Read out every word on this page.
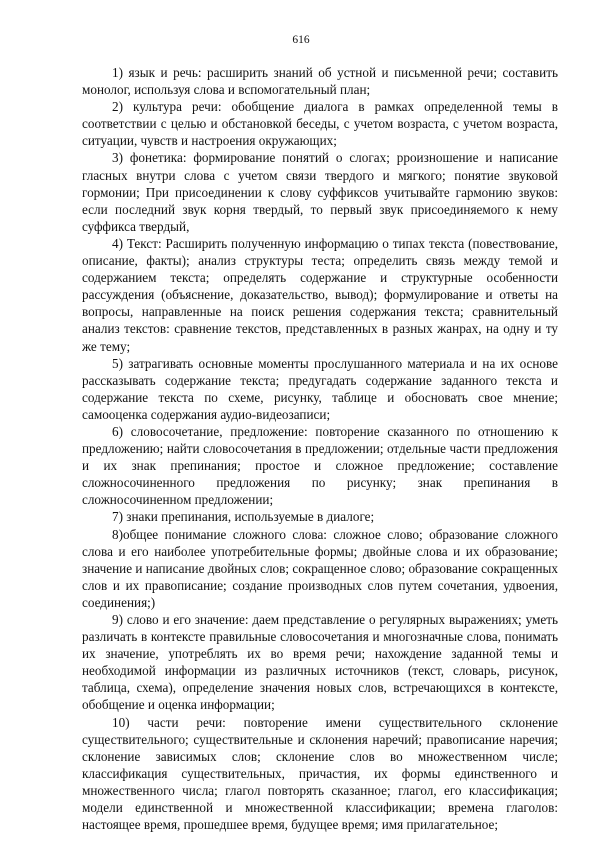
616

1) язык и речь: расширить знаний об устной и письменной речи; составить монолог, используя слова и вспомогательный план;

2) культура речи: обобщение диалога в рамках определенной темы в соответствии с целью и обстановкой беседы, с учетом возраста, с учетом возраста, ситуации, чувств и настроения окружающих;

3) фонетика: формирование понятий о слогах; рроизношение и написание гласных внутри слова с учетом связи твердого и мягкого; понятие звуковой гормонии; При присоединении к слову суффиксов учитывайте гармонию звуков: если последний звук корня твердый, то первый звук присоединяемого к нему суффикса твердый,

4) Текст: Расширить полученную информацию о типах текста (повествование, описание, факты); анализ структуры теста; определить связь между темой и содержанием текста; определять содержание и структурные особенности рассуждения (объяснение, доказательство, вывод); формулирование и ответы на вопросы, направленные на поиск решения содержания текста; сравнительный анализ текстов: сравнение текстов, представленных в разных жанрах, на одну и ту же тему;

5) затрагивать основные моменты прослушанного материала и на их основе рассказывать содержание текста; предугадать содержание заданного текста и содержание текста по схеме, рисунку, таблице и обосновать свое мнение; самооценка содержания аудио-видеозаписи;

6) словосочетание, предложение: повторение сказанного по отношению к предложению; найти словосочетания в предложении; отдельные части предложения и их знак препинания; простое и сложное предложение; составление сложносочиненного предложения по рисунку; знак препинания в сложносочиненном предложении;

7) знаки препинания, используемые в диалоге;

8)общее понимание сложного слова: сложное слово; образование сложного слова и его наиболее употребительные формы; двойные слова и их образование; значение и написание двойных слов; сокращенное слово; образование сокращенных слов и их правописание; создание производных слов путем сочетания, удвоения, соединения;)

9) слово и его значение: даем представление о регулярных выражениях; уметь различать в контексте правильные словосочетания и многозначные слова, понимать их значение, употреблять их во время речи; нахождение заданной темы и необходимой информации из различных источников (текст, словарь, рисунок, таблица, схема), определение значения новых слов, встречающихся в контексте, обобщение и оценка информации;

10) части речи: повторение имени существительного склонение существительного; существительные и склонения наречий; правописание наречия; склонение зависимых слов; склонение слов во множественном числе; классификация существительных, причастия, их формы единственного и множественного числа; глагол повторять сказанное; глагол, его классификация; модели единственной и множественной классификации; времена глаголов: настоящее время, прошедшее время, будущее время; имя прилагательное;
